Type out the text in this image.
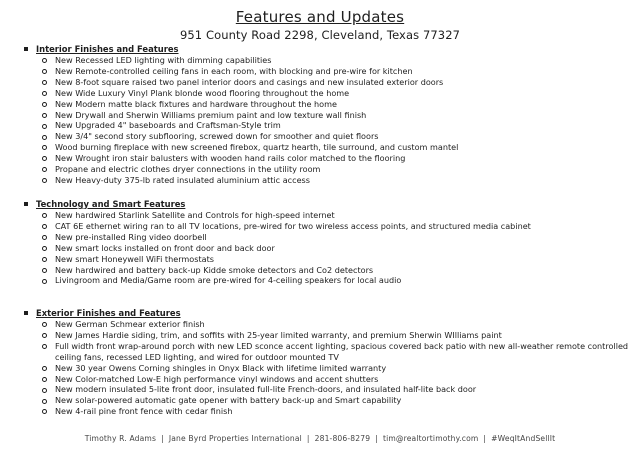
Features and Updates
951 County Road 2298, Cleveland, Texas 77327
Interior Finishes and Features
New Recessed LED lighting with dimming capabilities
New Remote-controlled ceiling fans in each room, with blocking and pre-wire for kitchen
New 8-foot square raised two panel interior doors and casings and new insulated exterior doors
New Wide Luxury Vinyl Plank blonde wood flooring throughout the home
New Modern matte black fixtures and hardware throughout the home
New Drywall and Sherwin Williams premium paint and low texture wall finish
New Upgraded 4" baseboards and Craftsman-Style trim
New 3/4" second story subflooring, screwed down for smoother and quiet floors
Wood burning fireplace with new screened firebox, quartz hearth, tile surround, and custom mantel
New Wrought iron stair balusters with wooden hand rails color matched to the flooring
Propane and electric clothes dryer connections in the utility room
New Heavy-duty 375-lb rated insulated aluminium attic access
Technology and Smart Features
New hardwired Starlink Satellite and Controls for high-speed internet
CAT 6E ethernet wiring ran to all TV locations, pre-wired for two wireless access points, and structured media cabinet
New pre-installed Ring video doorbell
New smart locks installed on front door and back door
New smart Honeywell WiFi thermostats
New hardwired and battery back-up Kidde smoke detectors and Co2 detectors
Livingroom and Media/Game room are pre-wired for 4-ceiling speakers for local audio
Exterior Finishes and Features
New German Schmear exterior finish
New James Hardie siding, trim, and soffits with 25-year limited warranty, and premium Sherwin WIlliams paint
Full width front wrap-around porch with new LED sconce accent lighting, spacious covered back patio with new all-weather remote controlled ceiling fans, recessed LED lighting, and wired for outdoor mounted TV
New 30 year Owens Corning shingles in Onyx Black with lifetime limited warranty
New Color-matched Low-E high performance vinyl windows and accent shutters
New modern insulated 5-lite front door, insulated full-lite French-doors, and insulated half-lite back door
New solar-powered automatic gate opener with battery back-up and Smart capability
New 4-rail pine front fence with cedar finish
Timothy R. Adams | Jane Byrd Properties International | 281-806-8279 | tim@realtortimothy.com | #WeqItAndSellIt
